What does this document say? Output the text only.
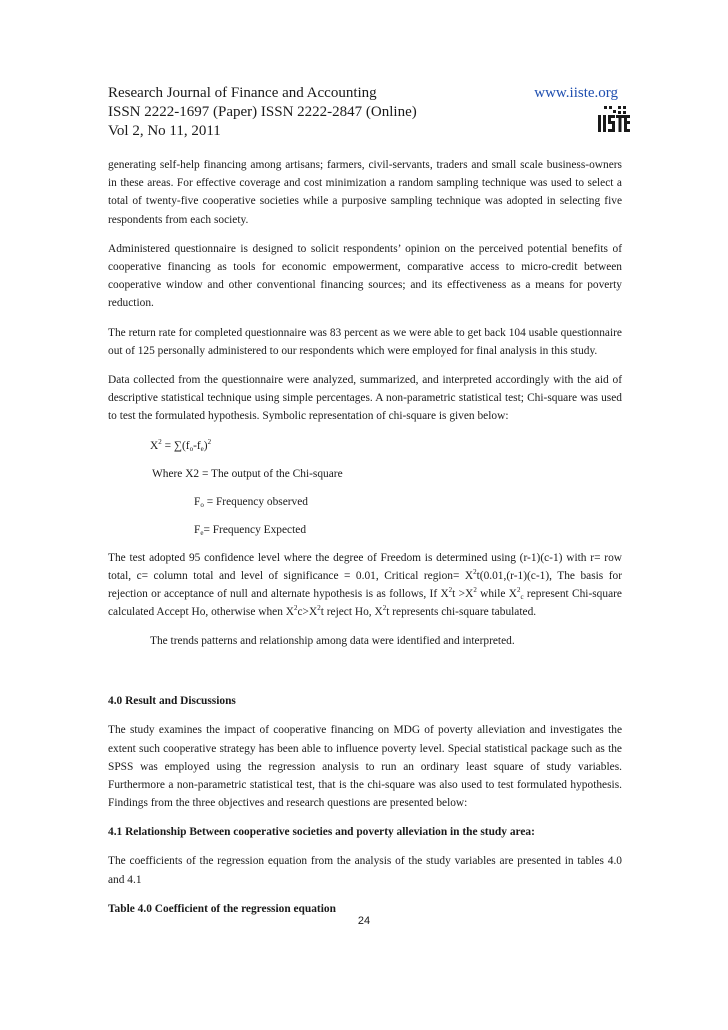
Research Journal of Finance and Accounting
ISSN 2222-1697 (Paper) ISSN 2222-2847 (Online)
Vol 2, No 11, 2011
www.iiste.org

generating self-help financing among artisans; farmers, civil-servants, traders and small scale business-owners in these areas. For effective coverage and cost minimization a random sampling technique was used to select a total of twenty-five cooperative societies while a purposive sampling technique was adopted in selecting five respondents from each society.

Administered questionnaire is designed to solicit respondents’ opinion on the perceived potential benefits of cooperative financing as tools for economic empowerment, comparative access to micro-credit between cooperative window and other conventional financing sources; and its effectiveness as a means for poverty reduction.

The return rate for completed questionnaire was 83 percent as we were able to get back 104 usable questionnaire out of 125 personally administered to our respondents which were employed for final analysis in this study.

Data collected from the questionnaire were analyzed, summarized, and interpreted accordingly with the aid of descriptive statistical technique using simple percentages. A non-parametric statistical test; Chi-square was used to test the formulated hypothesis. Symbolic representation of chi-square is given below:

$X^2 = \sum(f_o-f_e)^2$
Where X2 = The output of the Chi-square
$F_o$ = Frequency observed
$F_e=$ Frequency Expected

The test adopted 95 confidence level where the degree of Freedom is determined using (r-1)(c-1) with r= row total, c= column total and level of significance = 0.01, Critical region= $X^2t(0.01,(r-1)(c-1)$, The basis for rejection or acceptance of null and alternate hypothesis is as follows, If $X^2t >X^2$ while $X^2_c$ represent Chi-square calculated Accept Ho, otherwise when $X^2c>X^2t$ reject Ho, $X^2t$ represents chi-square tabulated.

The trends patterns and relationship among data were identified and interpreted.
4.0 Result and Discussions

The study examines the impact of cooperative financing on MDG of poverty alleviation and investigates the extent such cooperative strategy has been able to influence poverty level. Special statistical package such as the SPSS was employed using the regression analysis to run an ordinary least square of study variables. Furthermore a non-parametric statistical test, that is the chi-square was also used to test formulated hypothesis. Findings from the three objectives and research questions are presented below:

4.1 Relationship Between cooperative societies and poverty alleviation in the study area:

The coefficients of the regression equation from the analysis of the study variables are presented in tables 4.0 and 4.1

Table 4.0 Coefficient of the regression equation
24
